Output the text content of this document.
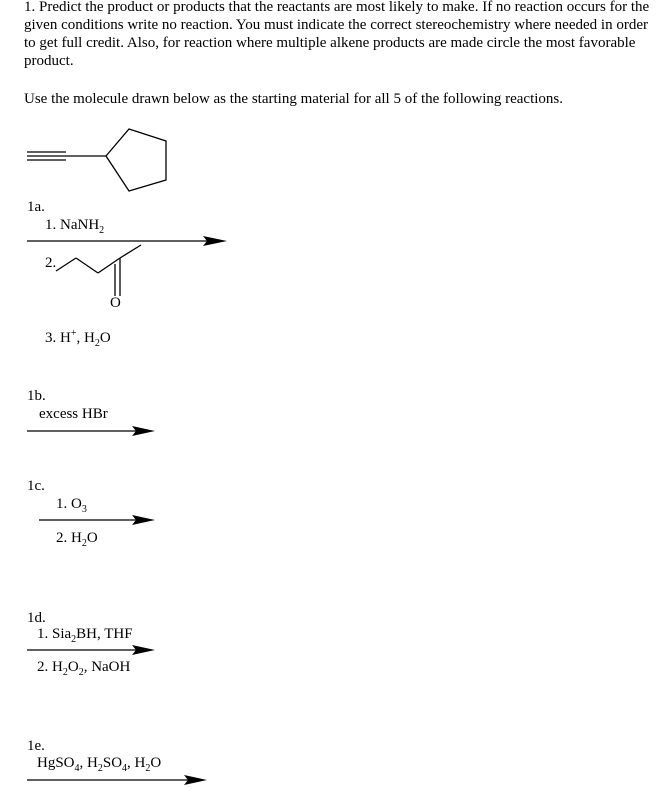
1. Predict the product or products that the reactants are most likely to make. If no reaction occurs for the given conditions write no reaction. You must indicate the correct stereochemistry where needed in order to get full credit. Also, for reaction where multiple alkene products are made circle the most favorable product.
Use the molecule drawn below as the starting material for all 5 of the following reactions.
1a.
1. NaNH$_2$
2.
O
3. H+, $H_2O$
1b.
excess HBr
1c.
1. $O_3$
2. $H_2O$
1d.
1. Sia$_2$BH, THF
2. $H_2O_2$, NaOH
1e.
HgSO$_4$, $H_2SO_4$, $H_2O$
